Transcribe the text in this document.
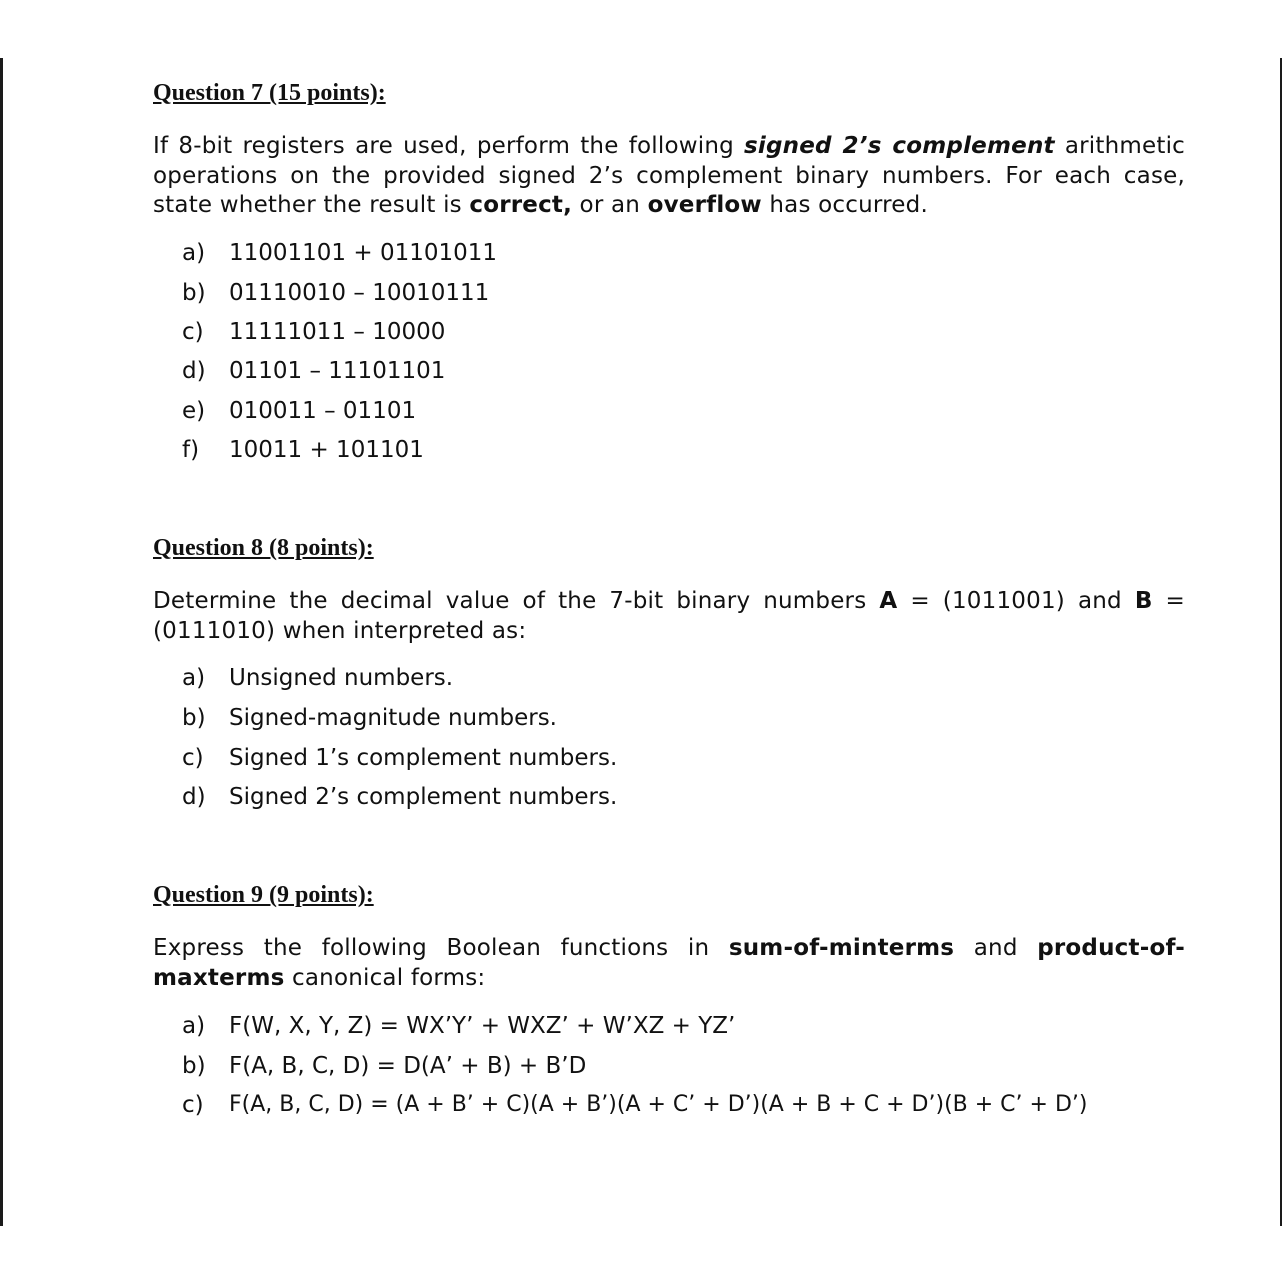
Question 7 (15 points):
If 8-bit registers are used, perform the following signed 2’s complement arithmetic operations on the provided signed 2’s complement binary numbers. For each case, state whether the result is correct, or an overflow has occurred.
a) 11001101 + 01101011
b) 01110010 – 10010111
c) 11111011 – 10000
d) 01101 – 11101101
e) 010011 – 01101
f) 10011 + 101101
Question 8 (8 points):
Determine the decimal value of the 7-bit binary numbers A = (1011001) and B = (0111010) when interpreted as:
a) Unsigned numbers.
b) Signed-magnitude numbers.
c) Signed 1’s complement numbers.
d) Signed 2’s complement numbers.
Question 9 (9 points):
Express the following Boolean functions in sum-of-minterms and product-of-maxterms canonical forms:
a) F(W, X, Y, Z) = WX’Y’ + WXZ’ + W’XZ + YZ’
b) F(A, B, C, D) = D(A’ + B) + B’D
c) F(A, B, C, D) = (A + B’ + C)(A + B’)(A + C’ + D’)(A + B + C + D’)(B + C’ + D’)
